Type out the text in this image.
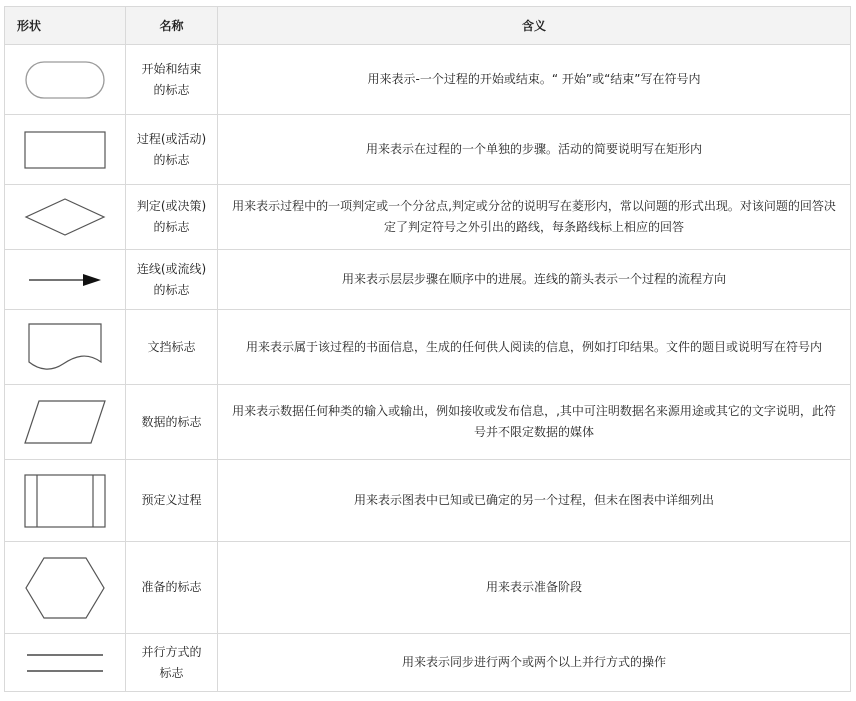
形状	名称	含义

	开始和结束的标志	用来表示-一个过程的开始或结束。“ 开始”或“结束”写在符号内

	过程(或活动)的标志	用来表示在过程的一个单独的步骤。活动的简要说明写在矩形内

	判定(或决策)的标志	用来表示过程中的一项判定或一个分岔点,判定或分岔的说明写在菱形内，常以问题的形式出现。对该问题的回答决定了判定符号之外引出的路线，每条路线标上相应的回答

	连线(或流线)的标志	用来表示层层步骤在顺序中的进展。连线的箭头表示一个过程的流程方向

	文挡标志	用来表示属于该过程的书面信息，生成的任何供人阅读的信息，例如打印结果。文件的题目或说明写在符号内

	数据的标志	用来表示数据任何种类的输入或输出，例如接收或发布信息，,其中可注明数据名来源用途或其它的文字说明，此符号并不限定数据的媒体

	预定义过程	用来表示图表中已知或已确定的另一个过程，但未在图表中详细列出

	准备的标志	用来表示准备阶段

	并行方式的标志	用来表示同步进行两个或两个以上并行方式的操作
